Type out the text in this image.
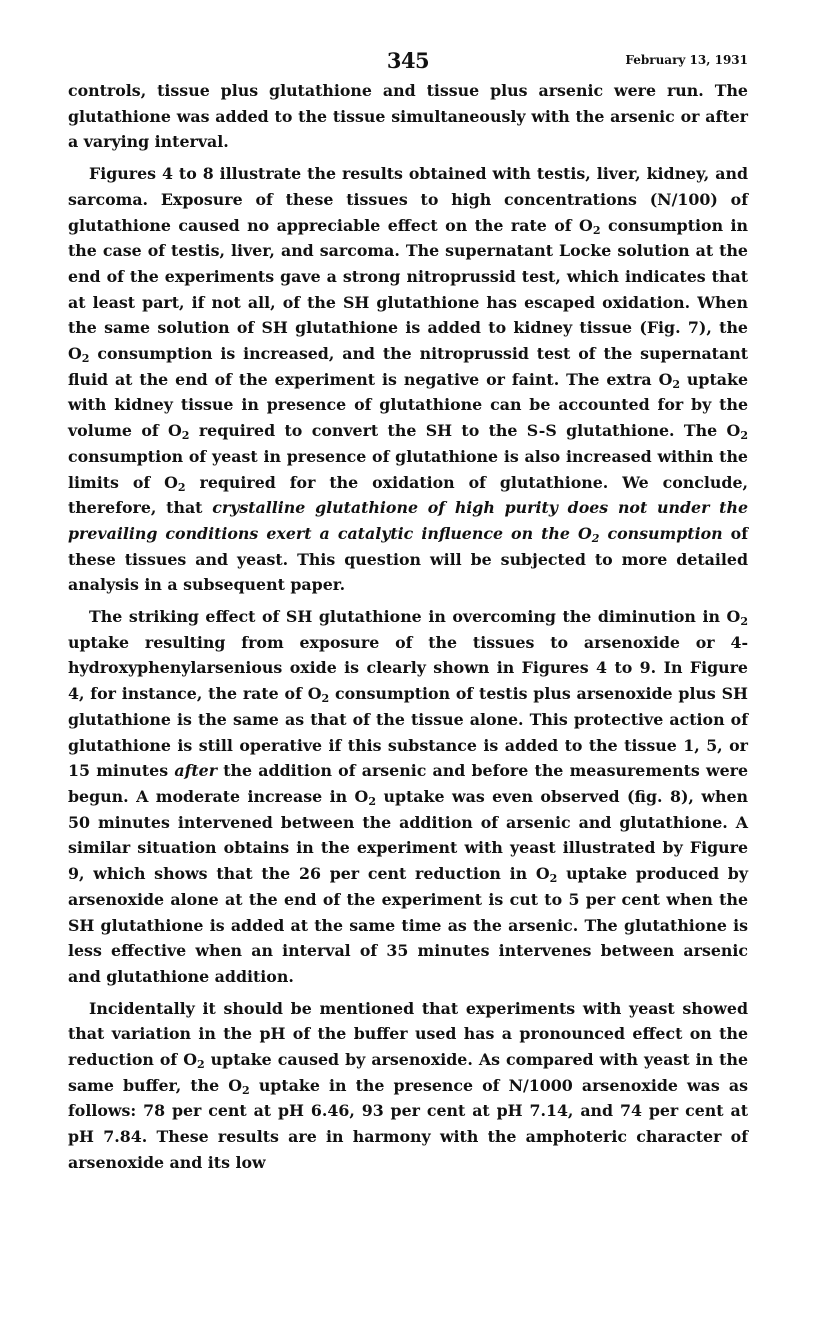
345	February 13, 1931

controls, tissue plus glutathione and tissue plus arsenic were run. The glutathione was added to the tissue simultaneously with the arsenic or after a varying interval.

Figures 4 to 8 illustrate the results obtained with testis, liver, kidney, and sarcoma. Exposure of these tissues to high concentrations (N/100) of glutathione caused no appreciable effect on the rate of $O_2$ consumption in the case of testis, liver, and sarcoma. The supernatant Locke solution at the end of the experiments gave a strong nitroprussid test, which indicates that at least part, if not all, of the SH glutathione has escaped oxidation. When the same solution of SH glutathione is added to kidney tissue (Fig. 7), the $O_2$ consumption is increased, and the nitroprussid test of the supernatant fluid at the end of the experiment is negative or faint. The extra $O_2$ uptake with kidney tissue in presence of glutathione can be accounted for by the volume of $O_2$ required to convert the SH to the S-S glutathione. The $O_2$ consumption of yeast in presence of glutathione is also increased within the limits of $O_2$ required for the oxidation of glutathione. We conclude, therefore, that crystalline glutathione of high purity does not under the prevailing conditions exert a catalytic influence on the $O_2$ consumption of these tissues and yeast. This question will be subjected to more detailed analysis in a subsequent paper.

The striking effect of SH glutathione in overcoming the diminution in $O_2$ uptake resulting from exposure of the tissues to arsenoxide or 4-hydroxyphenylarsenious oxide is clearly shown in Figures 4 to 9. In Figure 4, for instance, the rate of $O_2$ consumption of testis plus arsenoxide plus SH glutathione is the same as that of the tissue alone. This protective action of glutathione is still operative if this substance is added to the tissue 1, 5, or 15 minutes after the addition of arsenic and before the measurements were begun. A moderate increase in $O_2$ uptake was even observed (fig. 8), when 50 minutes intervened between the addition of arsenic and glutathione. A similar situation obtains in the experiment with yeast illustrated by Figure 9, which shows that the 26 per cent reduction in $O_2$ uptake produced by arsenoxide alone at the end of the experiment is cut to 5 per cent when the SH glutathione is added at the same time as the arsenic. The glutathione is less effective when an interval of 35 minutes intervenes between arsenic and glutathione addition.

Incidentally it should be mentioned that experiments with yeast showed that variation in the pH of the buffer used has a pronounced effect on the reduction of $O_2$ uptake caused by arsenoxide. As compared with yeast in the same buffer, the $O_2$ uptake in the presence of N/1000 arsenoxide was as follows: 78 per cent at pH 6.46, 93 per cent at pH 7.14, and 74 per cent at pH 7.84. These results are in harmony with the amphoteric character of arsenoxide and its low
